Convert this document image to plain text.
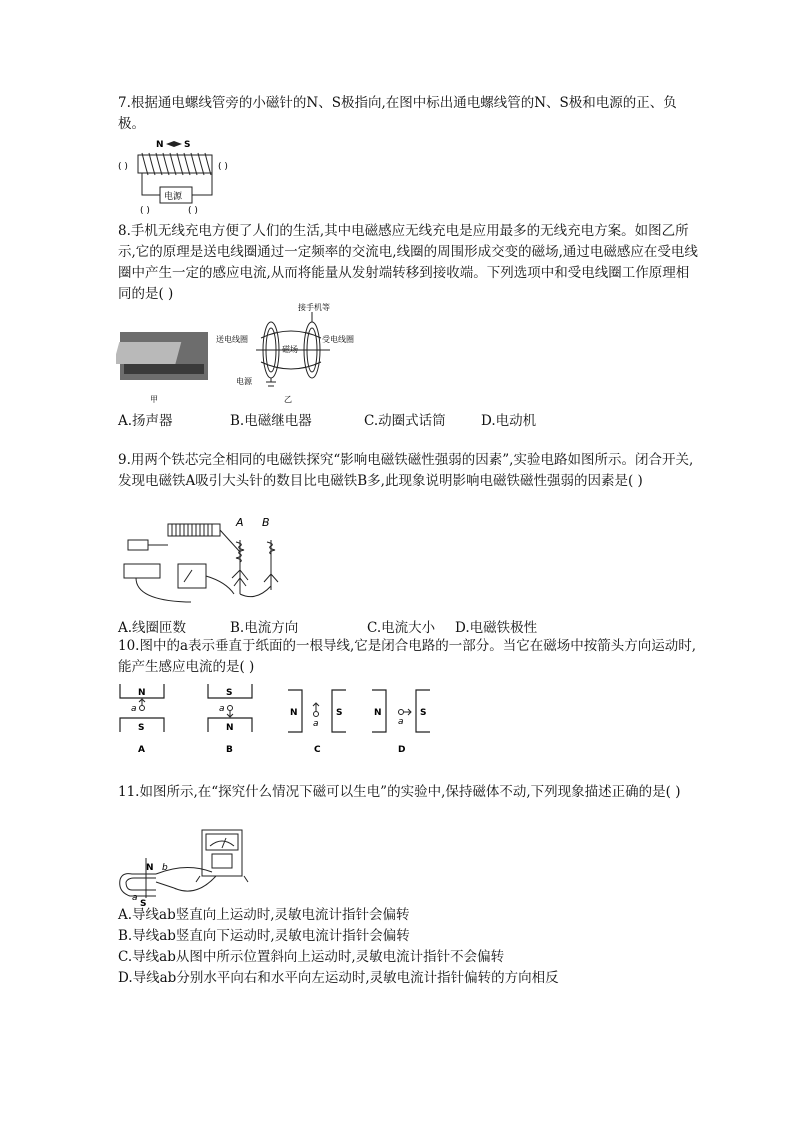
7.根据通电螺线管旁的小磁针的N、S极指向,在图中标出通电螺线管的N、S极和电源的正、负极。

N S
( )	( )
电源
( )	( )

8.手机无线充电方便了人们的生活,其中电磁感应无线充电是应用最多的无线充电方案。如图乙所示,它的原理是送电线圈通过一定频率的交流电,线圈的周围形成交变的磁场,通过电磁感应在受电线圈中产生一定的感应电流,从而将能量从发射端转移到接收端。下列选项中和受电线圈工作原理相同的是( )

接手机等
送电线圈
磁场
受电线圈
电源
甲	乙
A.扬声器	B.电磁继电器	C.动圈式话筒	D.电动机

9.用两个铁芯完全相同的电磁铁探究“影响电磁铁磁性强弱的因素”,实验电路如图所示。闭合开关,发现电磁铁A吸引大头针的数目比电磁铁B多,此现象说明影响电磁铁磁性强弱的因素是( )

A B
A.线圈匝数	B.电流方向	C.电流大小	D.电磁铁极性

10.图中的a表示垂直于纸面的一根导线,它是闭合电路的一部分。当它在磁场中按箭头方向运动时,能产生感应电流的是( )

N
S
a
S
N
a	N	S
a
N	S
a
A	B	C	D

11.如图所示,在“探究什么情况下磁可以生电”的实验中,保持磁体不动,下列现象描述正确的是( )

N
S
b
a

A.导线ab竖直向上运动时,灵敏电流计指针会偏转

B.导线ab竖直向下运动时,灵敏电流计指针会偏转

C.导线ab从图中所示位置斜向上运动时,灵敏电流计指针不会偏转

D.导线ab分别水平向右和水平向左运动时,灵敏电流计指针偏转的方向相反
